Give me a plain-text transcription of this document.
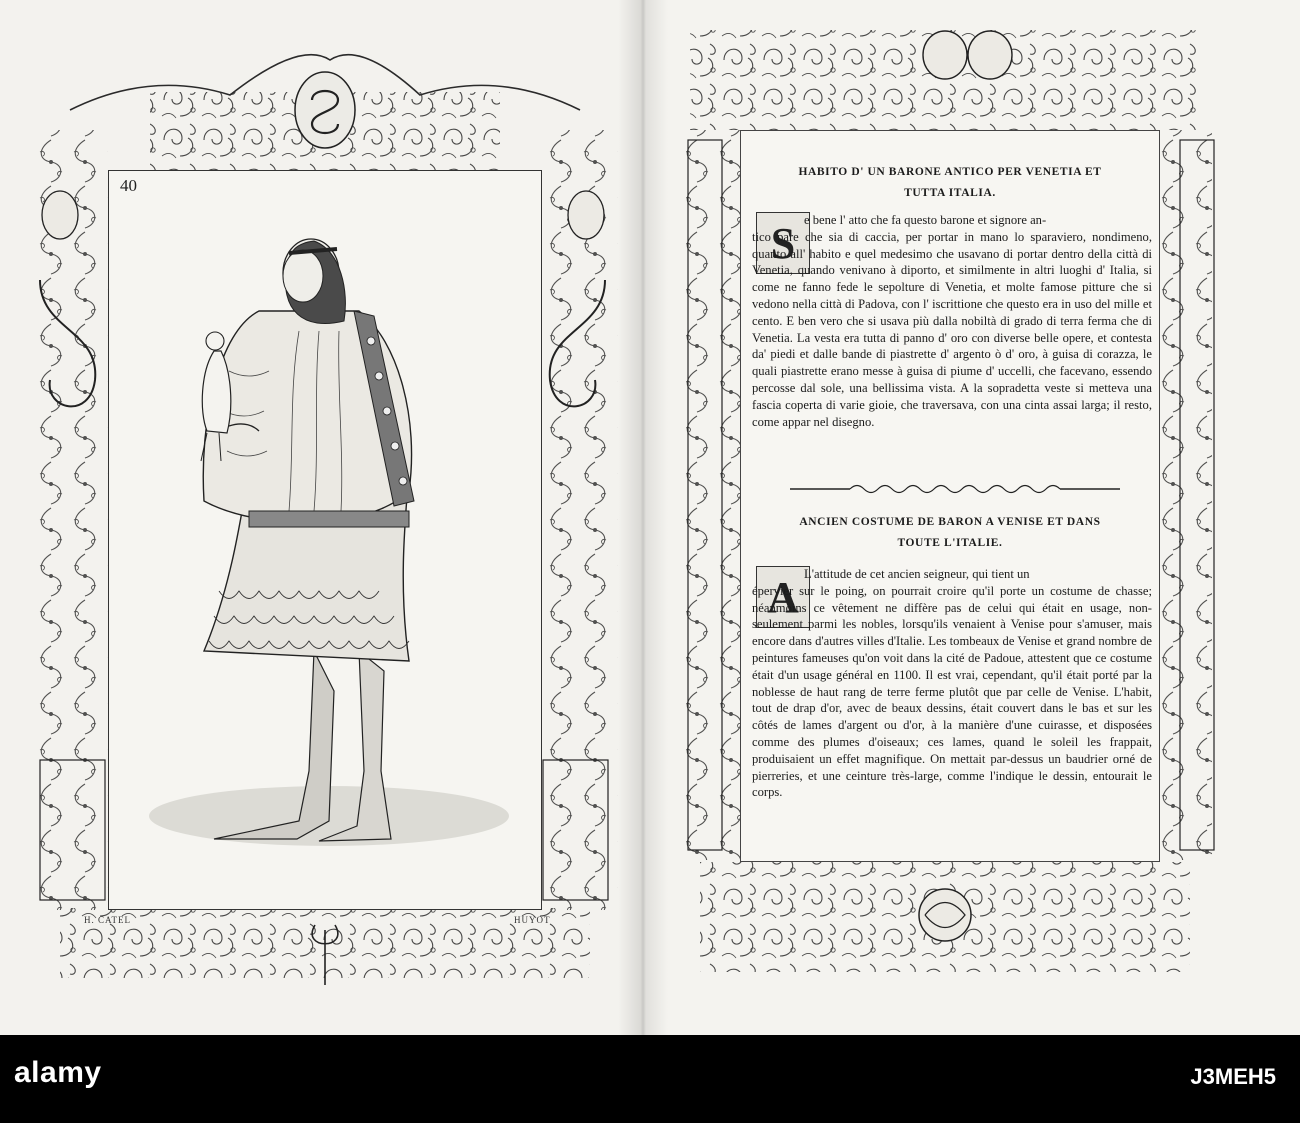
40
H. CATEL	HUYOT
HABITO D' UN BARONE ANTICO PER VENETIA ET TUTTA ITALIA.
S e bene l' atto che fa questo barone et signore an-
tico pare che sia di caccia, per portar in mano lo sparaviero, nondimeno, quanto all' habito e quel medesimo che usavano di portar dentro della città di Venetia, quando venivano à diporto, et similmente in altri luoghi d' Italia, si come ne fanno fede le sepolture di Venetia, et molte famose pitture che si vedono nella città di Padova, con l' iscrittione che questo era in uso del mille et cento. E ben vero che si usava più dalla nobiltà di grado di terra ferma che di Venetia. La vesta era tutta di panno d' oro con diverse belle opere, et contesta da' piedi et dalle bande di piastrette d' argento ò d' oro, à guisa di corazza, le quali piastrette erano messe à guisa di piume d' uccelli, che facevano, essendo percosse dal sole, una bellissima vista. A la sopradetta veste si metteva una fascia coperta di varie gioie, che traversava, con una cinta assai larga; il resto, come appar nel disegno.
ANCIEN COSTUME DE BARON A VENISE ET DANS TOUTE L'ITALIE.
A L'attitude de cet ancien seigneur, qui tient un
épervier sur le poing, on pourrait croire qu'il porte un costume de chasse; néanmoins ce vêtement ne diffère pas de celui qui était en usage, non-seulement parmi les nobles, lorsqu'ils venaient à Venise pour s'amuser, mais encore dans d'autres villes d'Italie. Les tombeaux de Venise et grand nombre de peintures fameuses qu'on voit dans la cité de Padoue, attestent que ce costume était d'un usage général en 1100. Il est vrai, cependant, qu'il était porté par la noblesse de haut rang de terre ferme plutôt que par celle de Venise. L'habit, tout de drap d'or, avec de beaux dessins, était couvert dans le bas et sur les côtés de lames d'argent ou d'or, à la manière d'une cuirasse, et disposées comme des plumes d'oiseaux; ces lames, quand le soleil les frappait, produisaient un effet magnifique. On mettait par-dessus un baudrier orné de pierreries, et une ceinture très-large, comme l'indique le dessin, entourait le corps.
alamy	J3MEH5
